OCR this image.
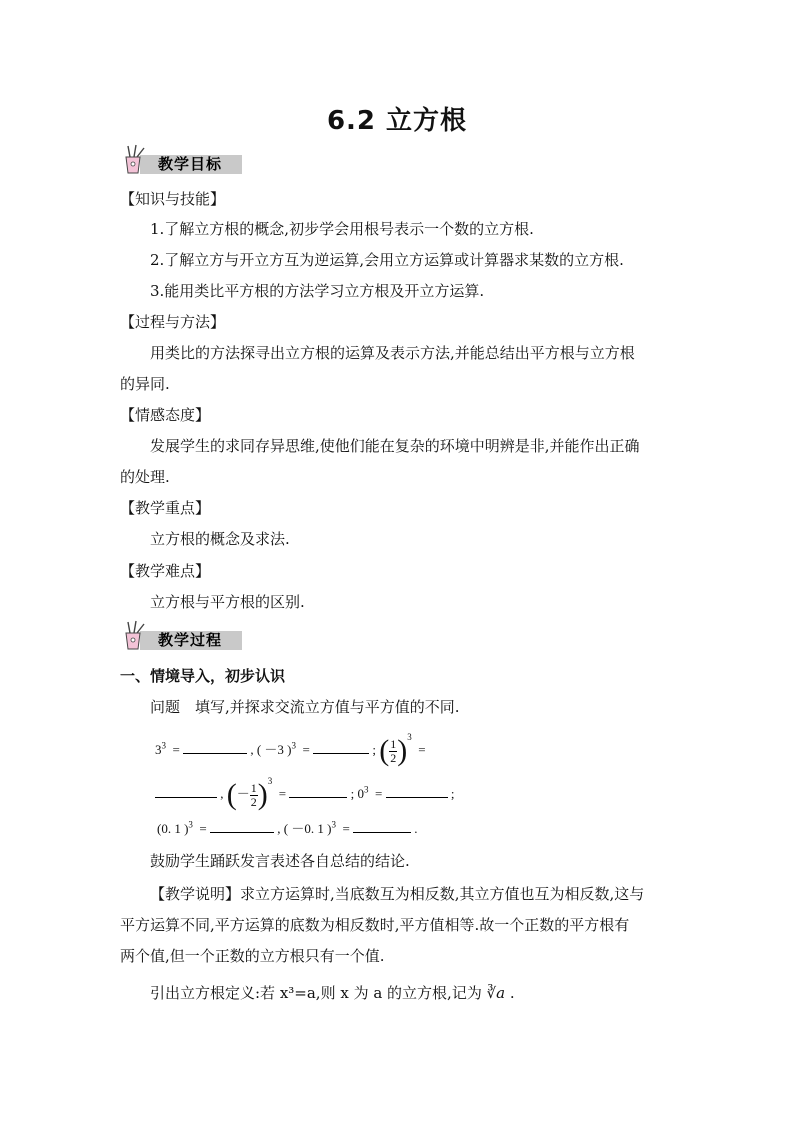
6.2 立方根
教学目标
【知识与技能】
1.了解立方根的概念,初步学会用根号表示一个数的立方根.
2.了解立方与开立方互为逆运算,会用立方运算或计算器求某数的立方根.
3.能用类比平方根的方法学习立方根及开立方运算.
【过程与方法】
用类比的方法探寻出立方根的运算及表示方法,并能总结出平方根与立方根
的异同.
【情感态度】
发展学生的求同存异思维,使他们能在复杂的环境中明辨是非,并能作出正确
的处理.
【教学重点】
立方根的概念及求法.
【教学难点】
立方根与平方根的区别.
教学过程
一、情境导入，初步认识
问题　填写,并探求交流立方值与平方值的不同.
$3^3$  =	, ( －3 )$^3$  =	; ( $\frac{1}{2} )^3$  =
, (－ $\frac{1}{2} )^3$  =	; $0^3$  =	;
(0. 1 )$^3$  =	, ( －0. 1 )$^3$  =	.
鼓励学生踊跃发言表述各自总结的结论.
【教学说明】求立方运算时,当底数互为相反数,其立方值也互为相反数,这与
平方运算不同,平方运算的底数为相反数时,平方值相等.故一个正数的平方根有
两个值,但一个正数的立方根只有一个值.
引出立方根定义:若 x³=a,则 x 为 a 的立方根,记为 ∛a .
